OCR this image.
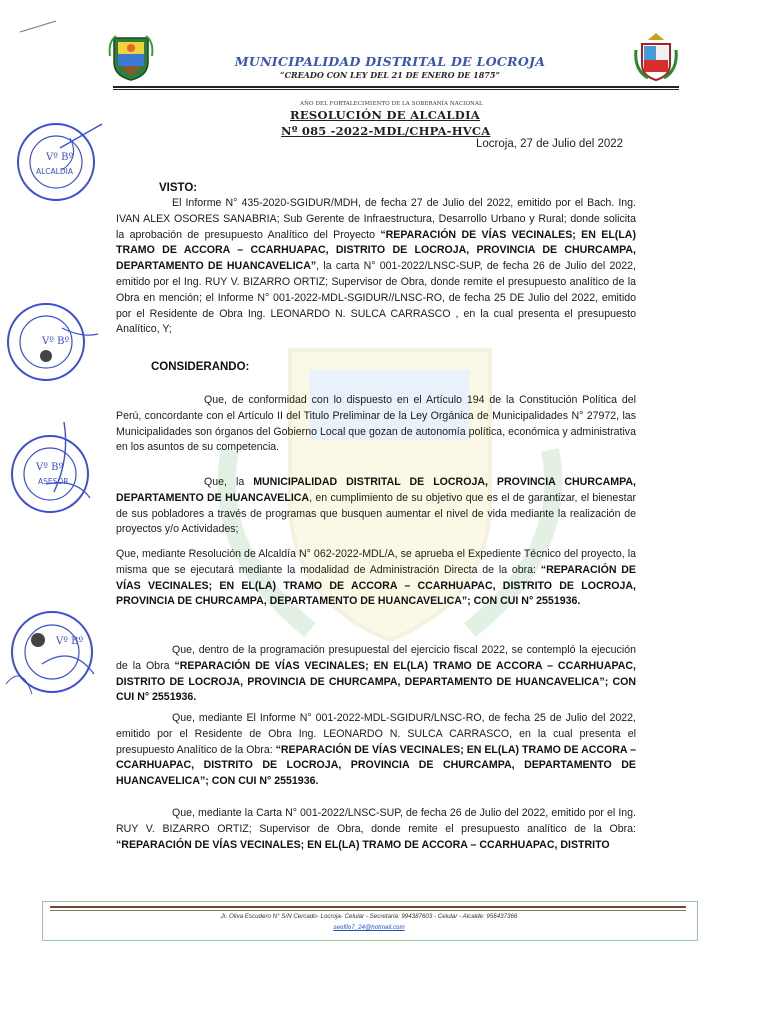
MUNICIPALIDAD DISTRITAL DE LOCROJA
“CREADO CON LEY DEL 21 DE ENERO DE 1875”
AÑO DEL FORTALECIMIENTO DE LA SOBERANÍA NACIONAL
RESOLUCIÓN DE ALCALDIA
Nº 085 -2022-MDL/CHPA-HVCA
Locroja, 27 de Julio del 2022
VISTO:
El Informe N° 435-2020-SGIDUR/MDH, de fecha 27 de Julio del 2022, emitido por el Bach. Ing. IVAN ALEX OSORES SANABRIA; Sub Gerente de Infraestructura, Desarrollo Urbano y Rural; donde solicita la aprobación de presupuesto Analítico del Proyecto “REPARACIÓN DE VÍAS VECINALES; EN EL(LA) TRAMO DE ACCORA – CCARHUAPAC, DISTRITO DE LOCROJA, PROVINCIA DE CHURCAMPA, DEPARTAMENTO DE HUANCAVELICA”, la carta N° 001-2022/LNSC-SUP, de fecha 26 de Julio del 2022, emitido por el Ing. RUY V. BIZARRO ORTIZ; Supervisor de Obra, donde remite el presupuesto analítico de la Obra en mención; el Informe N° 001-2022-MDL-SGIDUR//LNSC-RO, de fecha 25 DE Julio del 2022, emitido por el Residente de Obra Ing. LEONARDO N. SULCA CARRASCO , en la cual presenta el presupuesto Analítico, Y;
CONSIDERANDO:
Que, de conformidad con lo dispuesto en el Artículo 194 de la Constitución Política del Perú, concordante con el Artículo II del Titulo Preliminar de la Ley Orgánica de Municipalidades N° 27972, las Municipalidades son órganos del Gobierno Local que gozan de autonomía política, económica y administrativa en los asuntos de su competencia.
Que, la MUNICIPALIDAD DISTRITAL DE LOCROJA, PROVINCIA CHURCAMPA, DEPARTAMENTO DE HUANCAVELICA, en cumplimiento de su objetivo que es el de garantizar, el bienestar de sus pobladores a través de programas que busquen aumentar el nivel de vida mediante la realización de proyectos y/o Actividades;
Que, mediante Resolución de Alcaldía N° 062-2022-MDL/A, se aprueba el Expediente Técnico del proyecto, la misma que se ejecutará mediante la modalidad de Administración Directa de la obra: “REPARACIÓN DE VÍAS VECINALES; EN EL(LA) TRAMO DE ACCORA – CCARHUAPAC, DISTRITO DE LOCROJA, PROVINCIA DE CHURCAMPA, DEPARTAMENTO DE HUANCAVELICA”; CON CUI N° 2551936.
Que, dentro de la programación presupuestal del ejercicio fiscal 2022, se contempló la ejecución de la Obra “REPARACIÓN DE VÍAS VECINALES; EN EL(LA) TRAMO DE ACCORA – CCARHUAPAC, DISTRITO DE LOCROJA, PROVINCIA DE CHURCAMPA, DEPARTAMENTO DE HUANCAVELICA”; CON CUI N° 2551936.
Que, mediante El Informe N° 001-2022-MDL-SGIDUR/LNSC-RO, de fecha 25 de Julio del 2022, emitido por el Residente de Obra Ing. LEONARDO N. SULCA CARRASCO, en la cual presenta el presupuesto Analítico de la Obra: “REPARACIÓN DE VÍAS VECINALES; EN EL(LA) TRAMO DE ACCORA – CCARHUAPAC, DISTRITO DE LOCROJA, PROVINCIA DE CHURCAMPA, DEPARTAMENTO DE HUANCAVELICA”; CON CUI N° 2551936.
Que, mediante la Carta N° 001-2022/LNSC-SUP, de fecha 26 de Julio del 2022, emitido por el Ing. RUY V. BIZARRO ORTIZ; Supervisor de Obra, donde remite el presupuesto analítico de la Obra: “REPARACIÓN DE VÍAS VECINALES; EN EL(LA) TRAMO DE ACCORA – CCARHUAPAC, DISTRITO
Vº Bº
ALCALDIA
Vº Bº
Vº Bº
ASESOR
Vº Bº
Jr. Oliva Escudero N° S/N Cercado- Locroja- Celular - Secretaria: 994387603 - Celular - Alcalde: 956437366
seofilo7_24@hotmail.com
